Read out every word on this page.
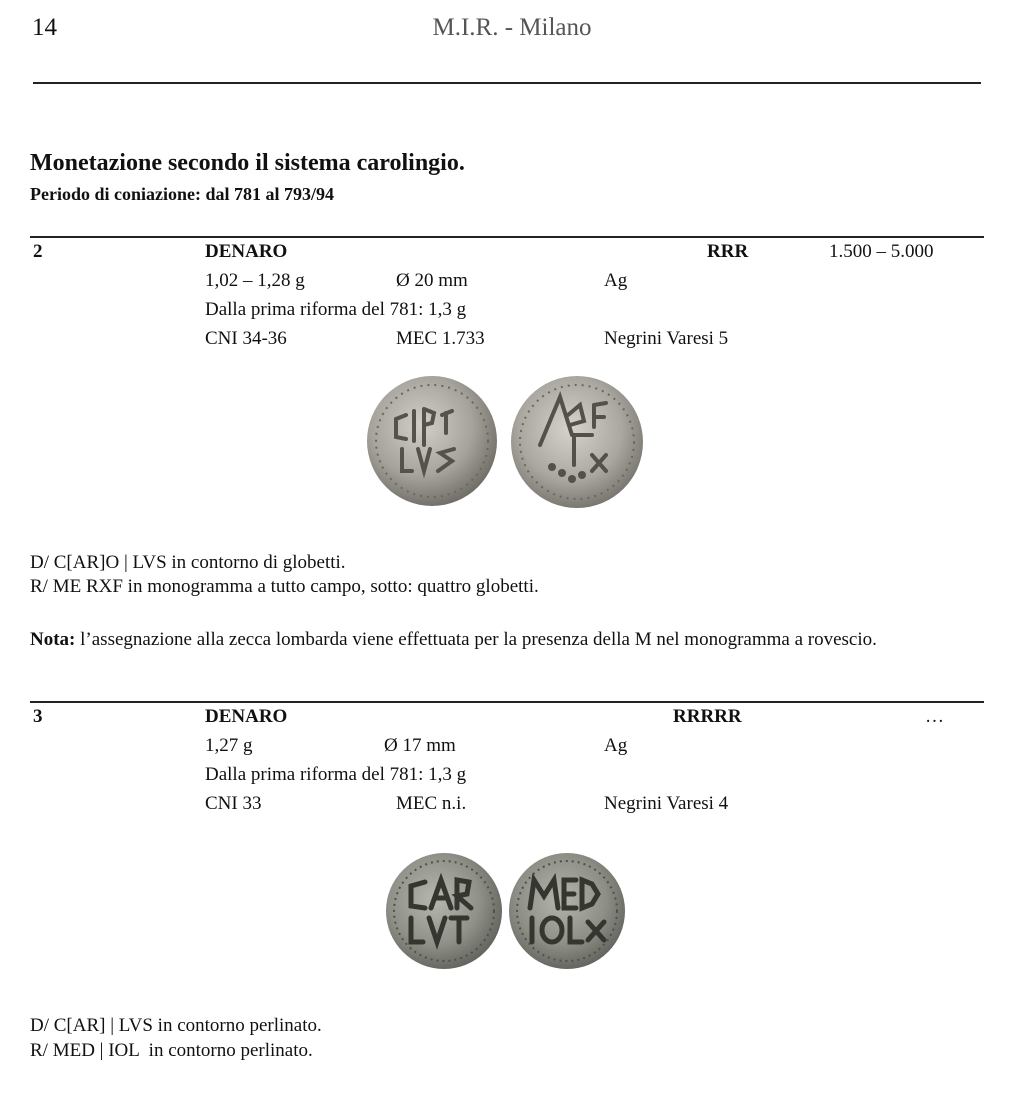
14	M.I.R. - Milano
Monetazione secondo il sistema carolingio.
Periodo di coniazione: dal 781 al 793/94
2	DENARO	RRR	1.500 – 5.000
1,02 – 1,28 g	Ø 20 mm	Ag
Dalla prima riforma del 781: 1,3 g
CNI 34-36	MEC 1.733	Negrini Varesi 5
D/ C[AR]O | LVS in contorno di globetti.
R/ ME RXF in monogramma a tutto campo, sotto: quattro globetti.
Nota: l’assegnazione alla zecca lombarda viene effettuata per la presenza della M nel monogramma a rovescio.
3	DENARO	RRRRR	…
1,27 g	Ø 17 mm	Ag
Dalla prima riforma del 781: 1,3 g
CNI 33	MEC n.i.	Negrini Varesi 4
D/ C[AR] | LVS in contorno perlinato.
R/ MED | IOL  in contorno perlinato.
